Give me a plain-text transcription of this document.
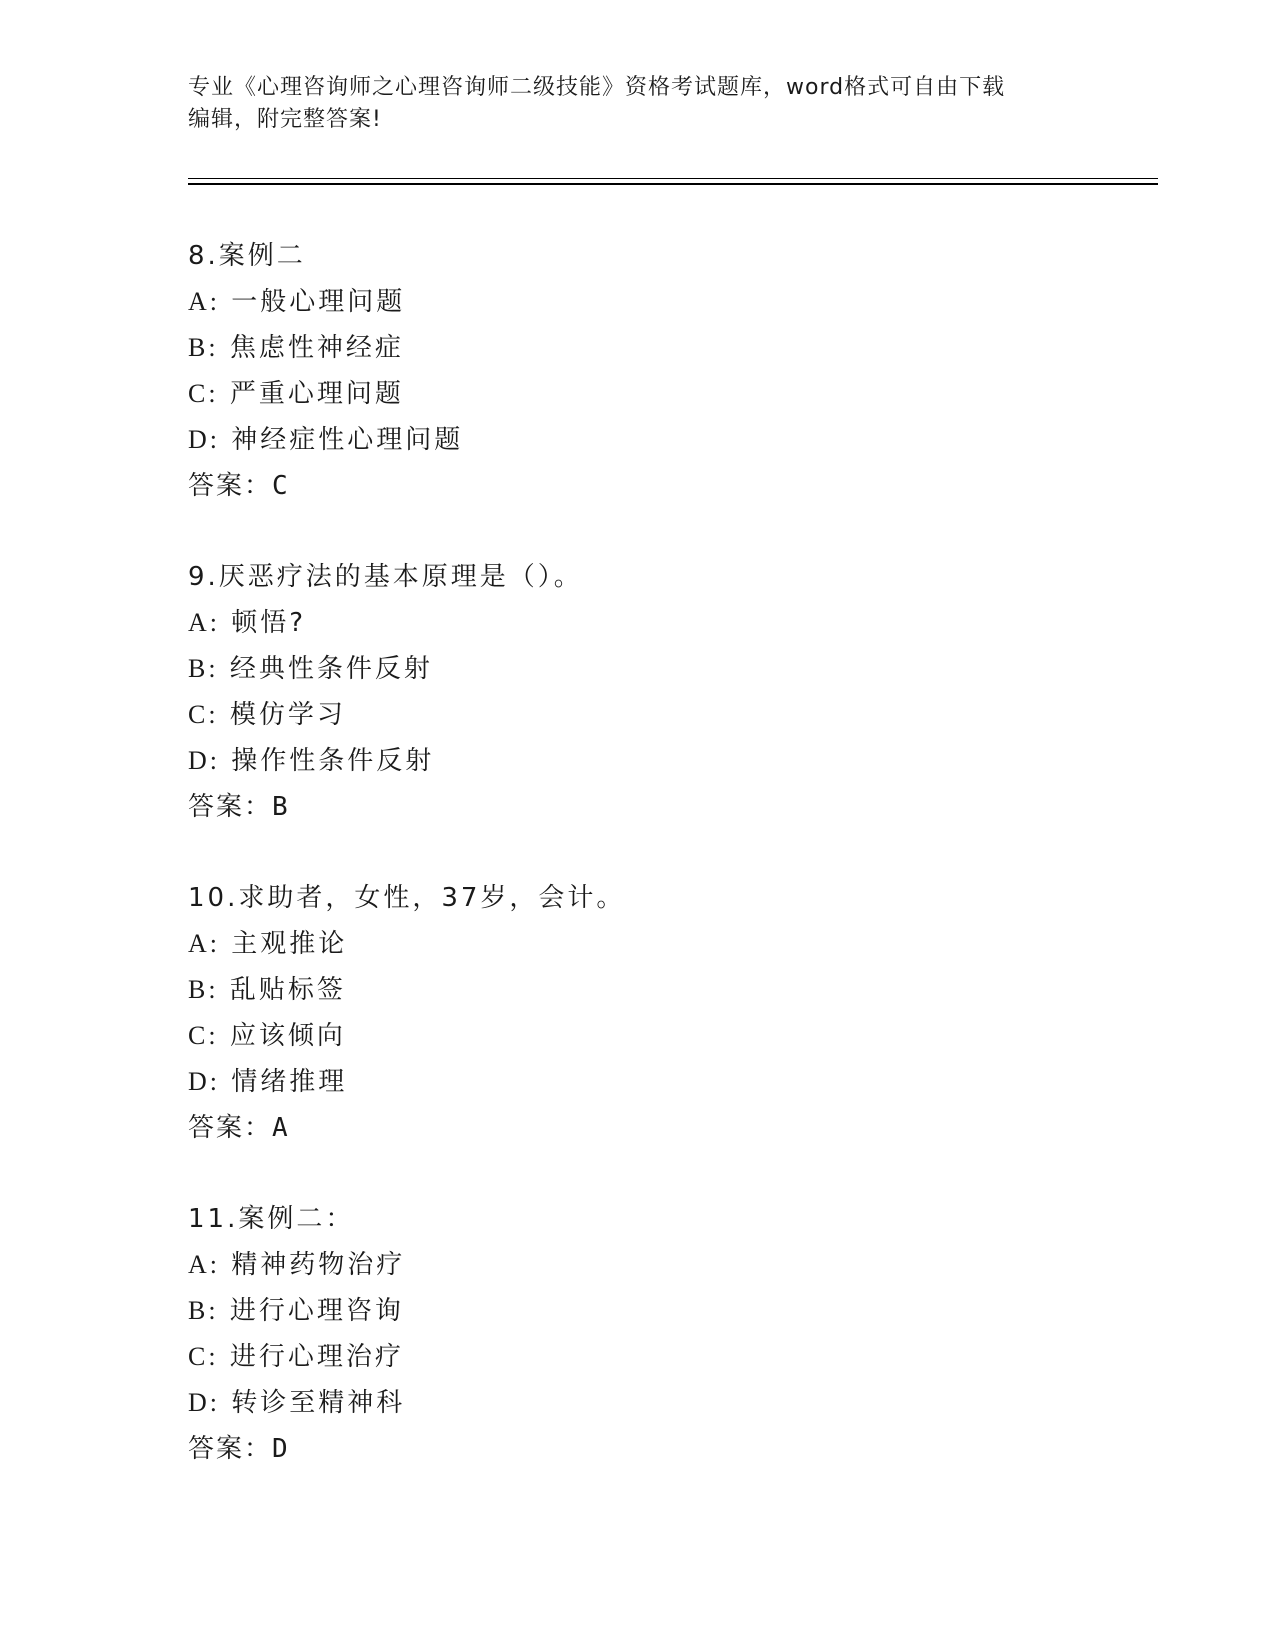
专业《心理咨询师之心理咨询师二级技能》资格考试题库，word格式可自由下载
编辑，附完整答案!
8.案例二
A: 一般心理问题
B: 焦虑性神经症
C: 严重心理问题
D: 神经症性心理问题
答案：C
9.厌恶疗法的基本原理是（）。
A: 顿悟?
B: 经典性条件反射
C: 模仿学习
D: 操作性条件反射
答案：B
10.求助者，女性，37岁，会计。
A: 主观推论
B: 乱贴标签
C: 应该倾向
D: 情绪推理
答案：A
11.案例二：
A: 精神药物治疗
B: 进行心理咨询
C: 进行心理治疗
D: 转诊至精神科
答案：D
